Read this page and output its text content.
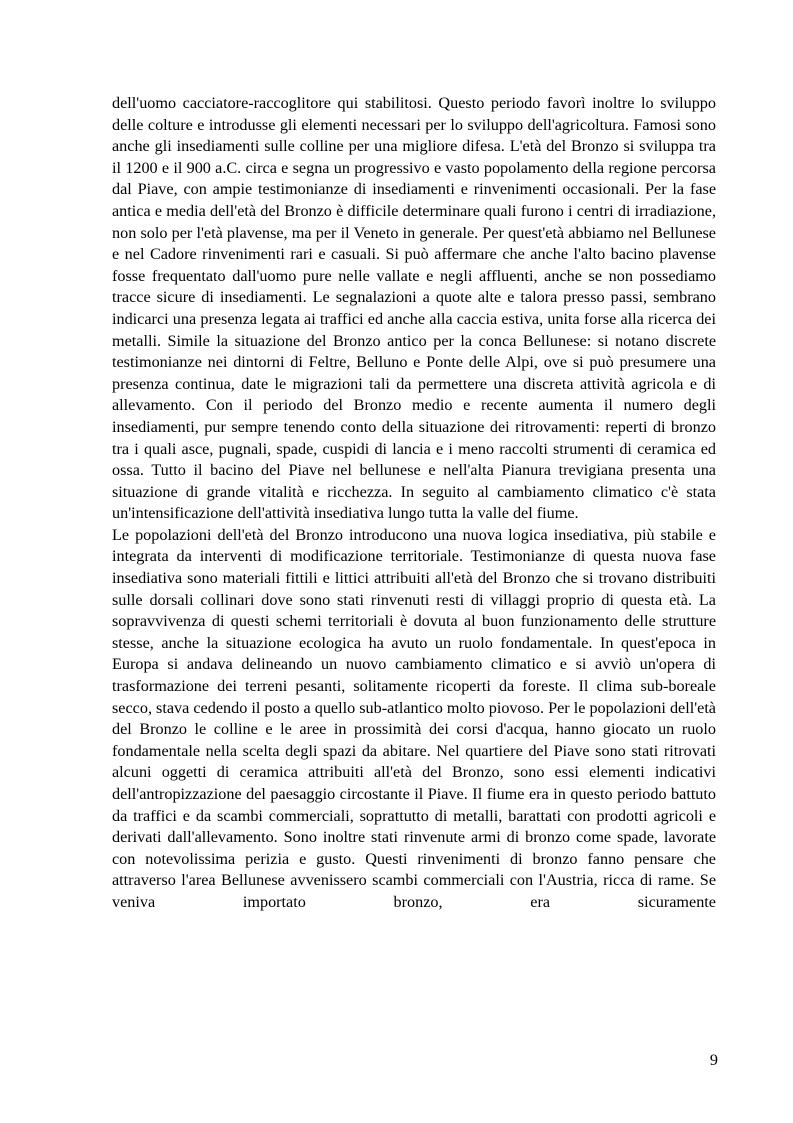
dell'uomo cacciatore-raccoglitore qui stabilitosi. Questo periodo favorì inoltre lo sviluppo delle colture e introdusse gli elementi necessari per lo sviluppo dell'agricoltura. Famosi sono anche gli insediamenti sulle colline per una migliore difesa. L'età del Bronzo si sviluppa tra il 1200 e il 900 a.C. circa e segna un progressivo e vasto popolamento della regione percorsa dal Piave, con ampie testimonianze di insediamenti e rinvenimenti occasionali. Per la fase antica e media dell'età del Bronzo è difficile determinare quali furono i centri di irradiazione, non solo per l'età plavense, ma per il Veneto in generale. Per quest'età abbiamo nel Bellunese e nel Cadore rinvenimenti rari e casuali. Si può affermare che anche l'alto bacino plavense fosse frequentato dall'uomo pure nelle vallate e negli affluenti, anche se non possediamo tracce sicure di insediamenti. Le segnalazioni a quote alte e talora presso passi, sembrano indicarci una presenza legata ai traffici ed anche alla caccia estiva, unita forse alla ricerca dei metalli. Simile la situazione del Bronzo antico per la conca Bellunese: si notano discrete testimonianze nei dintorni di Feltre, Belluno e Ponte delle Alpi, ove si può presumere una presenza continua, date le migrazioni tali da permettere una discreta attività agricola e di allevamento. Con il periodo del Bronzo medio e recente aumenta il numero degli insediamenti, pur sempre tenendo conto della situazione dei ritrovamenti: reperti di bronzo tra i quali asce, pugnali, spade, cuspidi di lancia e i meno raccolti strumenti di ceramica ed ossa. Tutto il bacino del Piave nel bellunese e nell'alta Pianura trevigiana presenta una situazione di grande vitalità e ricchezza. In seguito al cambiamento climatico c'è stata un'intensificazione dell'attività insediativa lungo tutta la valle del fiume.

Le popolazioni dell'età del Bronzo introducono una nuova logica insediativa, più stabile e integrata da interventi di modificazione territoriale. Testimonianze di questa nuova fase insediativa sono materiali fittili e littici attribuiti all'età del Bronzo che si trovano distribuiti sulle dorsali collinari dove sono stati rinvenuti resti di villaggi proprio di questa età. La sopravvivenza di questi schemi territoriali è dovuta al buon funzionamento delle strutture stesse, anche la situazione ecologica ha avuto un ruolo fondamentale. In quest'epoca in Europa si andava delineando un nuovo cambiamento climatico e si avviò un'opera di trasformazione dei terreni pesanti, solitamente ricoperti da foreste. Il clima sub-boreale secco, stava cedendo il posto a quello sub-atlantico molto piovoso. Per le popolazioni dell'età del Bronzo le colline e le aree in prossimità dei corsi d'acqua, hanno giocato un ruolo fondamentale nella scelta degli spazi da abitare. Nel quartiere del Piave sono stati ritrovati alcuni oggetti di ceramica attribuiti all'età del Bronzo, sono essi elementi indicativi dell'antropizzazione del paesaggio circostante il Piave. Il fiume era in questo periodo battuto da traffici e da scambi commerciali, soprattutto di metalli, barattati con prodotti agricoli e derivati dall'allevamento. Sono inoltre stati rinvenute armi di bronzo come spade, lavorate con notevolissima perizia e gusto. Questi rinvenimenti di bronzo fanno pensare che attraverso l'area Bellunese avvenissero scambi commerciali con l'Austria, ricca di rame. Se veniva importato bronzo, era sicuramente

9
